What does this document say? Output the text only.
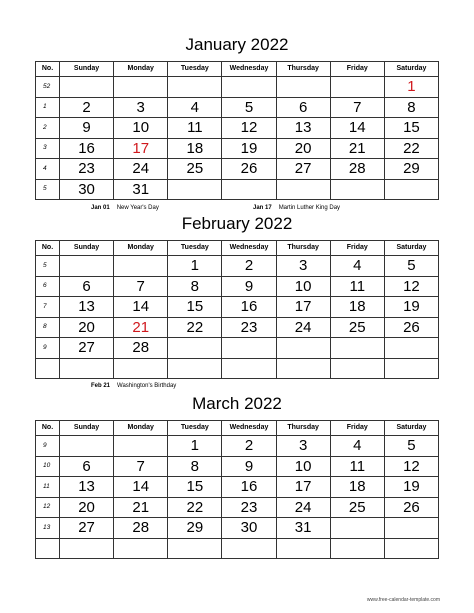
January 2022
No.	Sunday	Monday	Tuesday	Wednesday	Thursday	Friday	Saturday
52							1
1	2	3	4	5	6	7	8
2	9	10	11	12	13	14	15
3	16	17	18	19	20	21	22
4	23	24	25	26	27	28	29
5	30	31					
Jan 01 New Year's Day	Jan 17 Martin Luther King Day
February 2022
No.	Sunday	Monday	Tuesday	Wednesday	Thursday	Friday	Saturday
5			1	2	3	4	5
6	6	7	8	9	10	11	12
7	13	14	15	16	17	18	19
8	20	21	22	23	24	25	26
9	27	28					

Feb 21 Washington's Birthday
March 2022
No.	Sunday	Monday	Tuesday	Wednesday	Thursday	Friday	Saturday
9			1	2	3	4	5
10	6	7	8	9	10	11	12
11	13	14	15	16	17	18	19
12	20	21	22	23	24	25	26
13	27	28	29	30	31		

www.free-calendar-template.com
